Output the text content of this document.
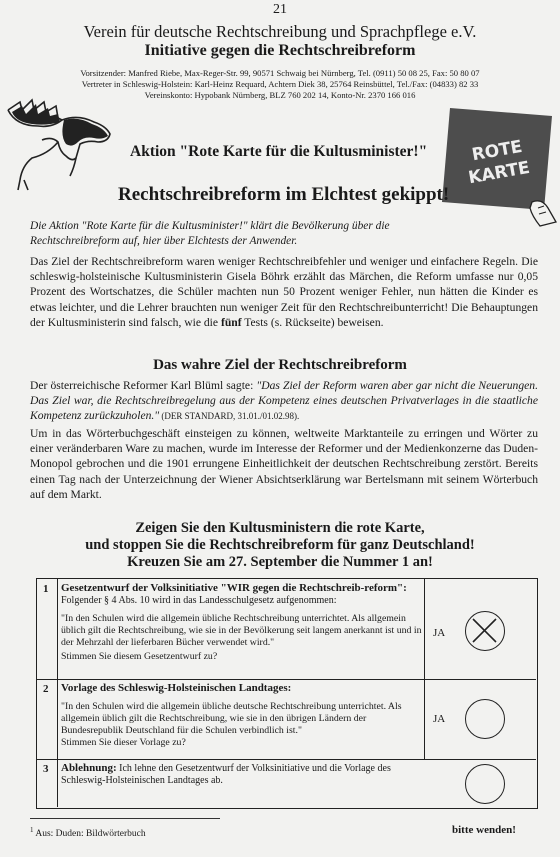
21
Verein für deutsche Rechtschreibung und Sprachpflege e.V.
Initiative gegen die Rechtschreibreform
Vorsitzender: Manfred Riebe, Max-Reger-Str. 99, 90571 Schwaig bei Nürnberg, Tel. (0911) 50 08 25, Fax: 50 80 07
Vertreter in Schleswig-Holstein: Karl-Heinz Requard, Achtern Diek 38, 25764 Reinsbüttel, Tel./Fax: (04833) 82 33
Vereinskonto: Hypobank Nürnberg, BLZ 760 202 14, Konto-Nr. 2370 166 016
ROTE
KARTE
Aktion "Rote Karte für die Kultusminister!"
Rechtschreibreform im Elchtest gekippt!
Die Aktion "Rote Karte für die Kultusminister!" klärt die Bevölkerung über die Rechtschreibreform auf, hier über Elchtests der Anwender.
Das Ziel der Rechtschreibreform waren weniger Rechtschreibfehler und weniger und einfachere Regeln. Die schleswig-holsteinische Kultusministerin Gisela Böhrk erzählt das Märchen, die Reform umfasse nur 0,05 Prozent des Wortschatzes, die Schüler machten nun 50 Prozent weniger Fehler, nun hätten die Kinder es etwas leichter, und die Lehrer brauchten nun weniger Zeit für den Rechtschreibunterricht! Die Behauptungen der Kultusministerin sind falsch, wie die fünf Tests (s. Rückseite) beweisen.
Das wahre Ziel der Rechtschreibreform
Der österreichische Reformer Karl Blüml sagte: "Das Ziel der Reform waren aber gar nicht die Neuerungen. Das Ziel war, die Rechtschreibregelung aus der Kompetenz eines deutschen Privatverlages in die staatliche Kompetenz zurückzuholen." (DER STANDARD, 31.01./01.02.98).
Um in das Wörterbuchgeschäft einsteigen zu können, weltweite Marktanteile zu erringen und Wörter zu einer veränderbaren Ware zu machen, wurde im Interesse der Reformer und der Medienkonzerne das Duden-Monopol gebrochen und die 1901 errungene Einheitlichkeit der deutschen Rechtschreibung zerstört. Bereits einen Tag nach der Unterzeichnung der Wiener Absichtserklärung war Bertelsmann mit seinem Wörterbuch auf dem Markt.
Zeigen Sie den Kultusministern die rote Karte,
und stoppen Sie die Rechtschreibreform für ganz Deutschland!
Kreuzen Sie am 27. September die Nummer 1 an!
1 Gesetzentwurf der Volksinitiative "WIR gegen die Rechtschreib-reform": Folgender § 4 Abs. 10 wird in das Landesschulgesetz aufgenommen:
"In den Schulen wird die allgemein übliche Rechtschreibung unterrichtet. Als allgemein üblich gilt die Rechtschreibung, wie sie in der Bevölkerung seit langem anerkannt ist und in der Mehrzahl der lieferbaren Bücher verwendet wird."
Stimmen Sie diesem Gesetzentwurf zu?
JA
2 Vorlage des Schleswig-Holsteinischen Landtages:
"In den Schulen wird die allgemein übliche deutsche Rechtschreibung unterrichtet. Als allgemein üblich gilt die Rechtschreibung, wie sie in den übrigen Ländern der Bundesrepublik Deutschland für die Schulen verbindlich ist."
Stimmen Sie dieser Vorlage zu?
JA
3 Ablehnung: Ich lehne den Gesetzentwurf der Volksinitiative und die Vorlage des Schleswig-Holsteinischen Landtages ab.
$^1$ Aus: Duden: Bildwörterbuch	bitte wenden!
